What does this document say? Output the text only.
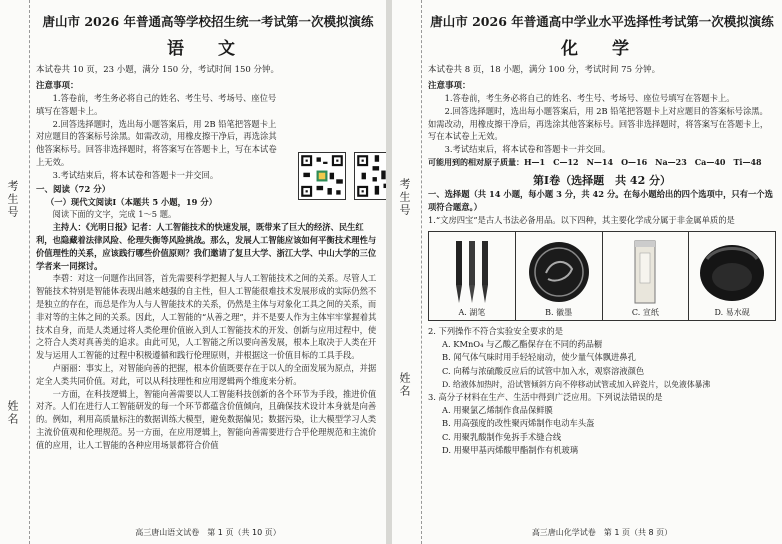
考生号
姓名
唐山市 2026 年普通高等学校招生统一考试第一次模拟演练
语 文
本试卷共 10 页，23 小题，满分 150 分，考试时间 150 分钟。
注意事项：
1.答卷前，考生务必将自己的姓名、考生号、考场号、座位号填写在答题卡上。
2.回答选择题时，选出每小题答案后，用 2B 铅笔把答题卡上对应题目的答案标号涂黑。如需改动，用橡皮擦干净后，再选涂其他答案标号。回答非选择题时，将答案写在答题卡上，写在本试卷上无效。
3.考试结束后，将本试卷和答题卡一并交回。
一、阅读（72 分）
（一）现代文阅读Ⅰ（本题共 5 小题，19 分）
阅读下面的文字，完成 1～5 题。
主持人：《光明日报》记者：人工智能技术的快速发展，既带来了巨大的经济、民生红利，也隐藏着法律风险、伦理失衡等风险挑战。那么，发展人工智能应该如何平衡技术理性与价值理性的关系，应该践行哪些价值原则？我们邀请了复旦大学、浙江大学、中山大学的三位学者来一同探讨。
李碧：对这一问题作出回答，首先需要科学把握人与人工智能技术之间的关系。尽管人工智能技术特别是智能体表现出越来越强的自主性，但人工智能很难技术发展形成的实际仍然不是独立的存在，而总是作为人与人智能技术的关系，仍然是主体与对象化工具之间的关系，而非对等的主体之间的关系。因此，人工智能的“从善之理”，并不是要人作为主体牢牢掌握着其技术自身，而是人类通过将人类伦理价值嵌入到人工智能技术的开发、创新与应用过程中，使之符合人类对真善美的追求。由此可见，人工智能之所以要向善发展，根本上取决于人类在开发与运用人工智能的过程中积极遵循和践行伦理原则，并根据这一价值目标的工具手段。
卢丽丽：事实上，对智能向善的把握，根本价值既要存在于以人的全面发展为原点，并据定全人类共同价值。对此，可以从科技理性和应用逻辑两个维度来分析。
一方面，在科技逻辑上，智能向善需要以人工智能科技创新的各个环节为手段，推进价值对齐。人们在进行人工智能研发的每一个环节都蕴含价值倾向，且确保技术设计本身就是向善的。例如，利用高质量标注的数据训练大模型，避免数据偏见；数据污染，让大模型学习人类主流价值观和伦理规范。另一方面，在应用逻辑上，智能向善需要进行合乎伦理规范和主流价值的应用，让人工智能的各种应用场景都符合价值
高三唐山语文试卷　第 1 页（共 10 页）
考生号
姓名
唐山市 2026 年普通高中学业水平选择性考试第一次模拟演练
化 学
本试卷共 8 页，18 小题，满分 100 分，考试时间 75 分钟。
注意事项：
1.答卷前，考生务必将自己的姓名、考生号、考场号、座位号填写在答题卡上。
2.回答选择题时，选出每小题答案后，用 2B 铅笔把答题卡上对应题目的答案标号涂黑。如需改动，用橡皮擦干净后，再选涂其他答案标号。回答非选择题时，将答案写在答题卡上，写在本试卷上无效。
3.考试结束后，将本试卷和答题卡一并交回。
可能用到的相对原子质量：H—1　C—12　N—14　O—16　Na—23　Ca—40　Ti—48
第Ⅰ卷（选择题　共 42 分）
一、选择题（共 14 小题，每小题 3 分，共 42 分。在每小题给出的四个选项中，只有一个选项符合题意。）
1.“文房四宝”是古人书法必备用品。以下四种，其主要化学成分属于非金属单质的是
A. 湖笔	B. 徽墨	C. 宣纸	D. 易水砚
2. 下列操作不符合实验安全要求的是
A. KMnO₄ 与乙酸乙酯保存在不同的药品橱
B. 闻气体气味时用手轻轻扇动，使少量气体飘进鼻孔
C. 向稀与浓硫酸反应后的试管中加入水，观察溶液颜色
D. 给液体加热时，沿试管倾斜方向不停移动试管或加入碎瓷片，以免液体暴沸
3. 高分子材料在生产、生活中得到广泛应用。下列说法错误的是
A. 用聚氯乙烯制作食品保鲜膜
B. 用高强度的改性聚丙烯制作电动车头盔
C. 用聚乳酸制作免拆手术缝合线
D. 用聚甲基丙烯酸甲酯制作有机玻璃
高三唐山化学试卷　第 1 页（共 8 页）
